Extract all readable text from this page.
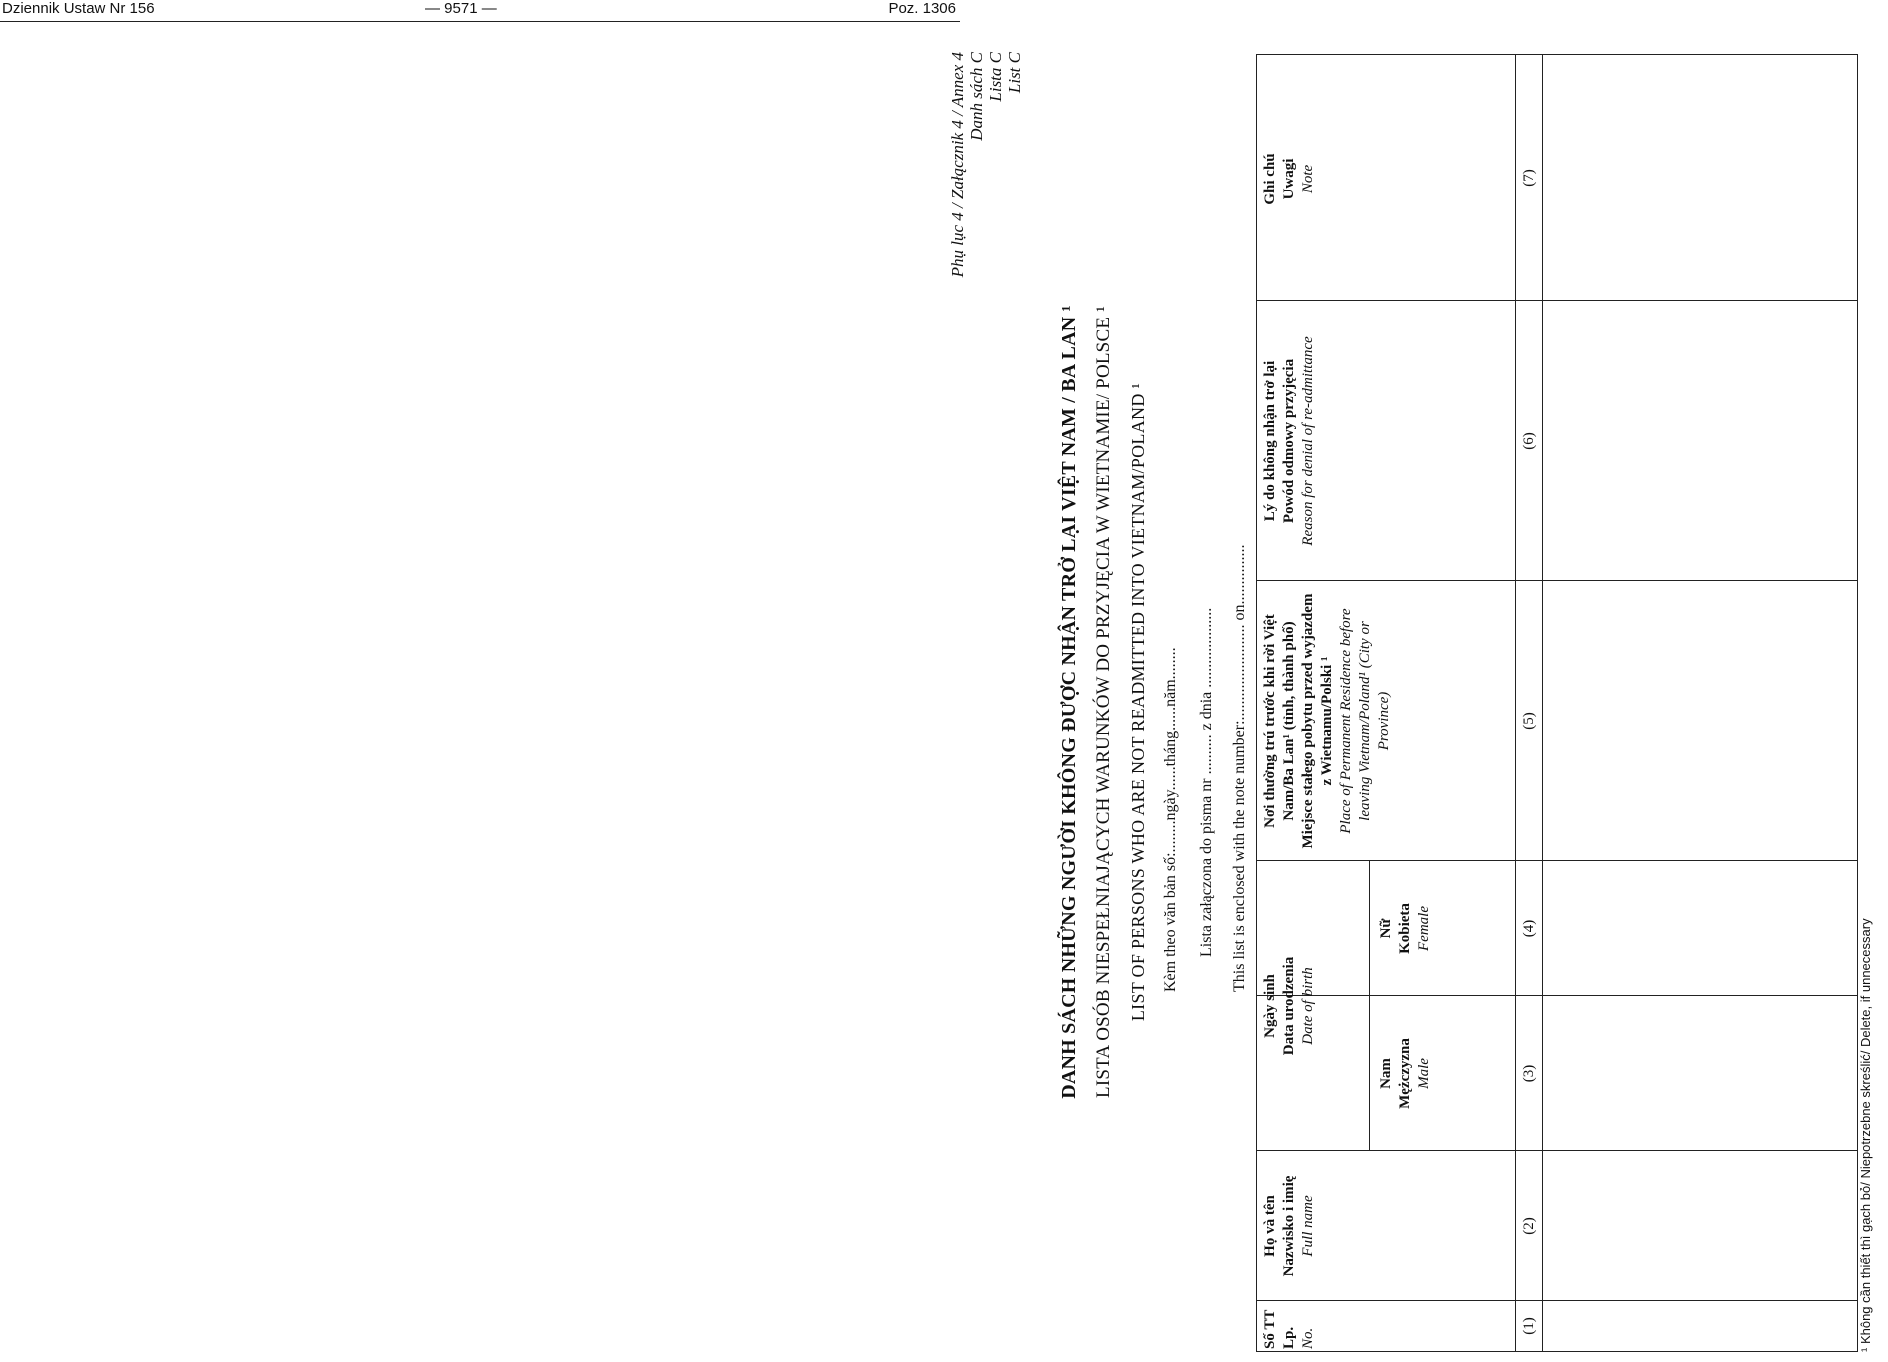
Dziennik Ustaw Nr 156	— 9571 —	Poz. 1306
Phụ lục 4 / Załącznik 4 / Annex 4 Danh sách C Lista C List C
DANH SÁCH NHỮNG NGƯỜI KHÔNG ĐƯỢC NHẬN TRỞ LẠI VIỆT NAM / BA LAN ¹ LISTA OSÓB NIESPEŁNIAJĄCYCH WARUNKÓW DO PRZYJĘCIA W WIETNAMIE/ POLSCE ¹ LIST OF PERSONS WHO ARE NOT READMITTED INTO VIETNAM/POLAND ¹ Kèm theo văn bản số:........ngày......tháng......năm........ Lista załączona do pisma nr .......... z dnia .................... This list is enclosed with the note number:........................ on...............
Số TT Lp. No.
Họ và tên Nazwisko i imię Full name
Ngày sinh Data urodzenia Date of birth
Nam Mężczyzna Male
Nữ Kobieta Female
Nơi thường trú trước khi rời Việt Nam/Ba Lan¹ (tỉnh, thành phố) Miejsce stałego pobytu przed wyjazdem z Wietnamu/Polski ¹ Place of Permanent Residence before leaving Vietnam/Poland¹ (City or Province)
Lý do không nhận trở lại Powód odmowy przyjęcia Reason for denial of re-admittance
Ghi chú Uwagi Note
(1)
(2)
(3)
(4)
(5)
(6)
(7)
¹ Không cần thiết thì gạch bỏ/ Niepotrzebne skreślić/ Delete, if unnecessary
